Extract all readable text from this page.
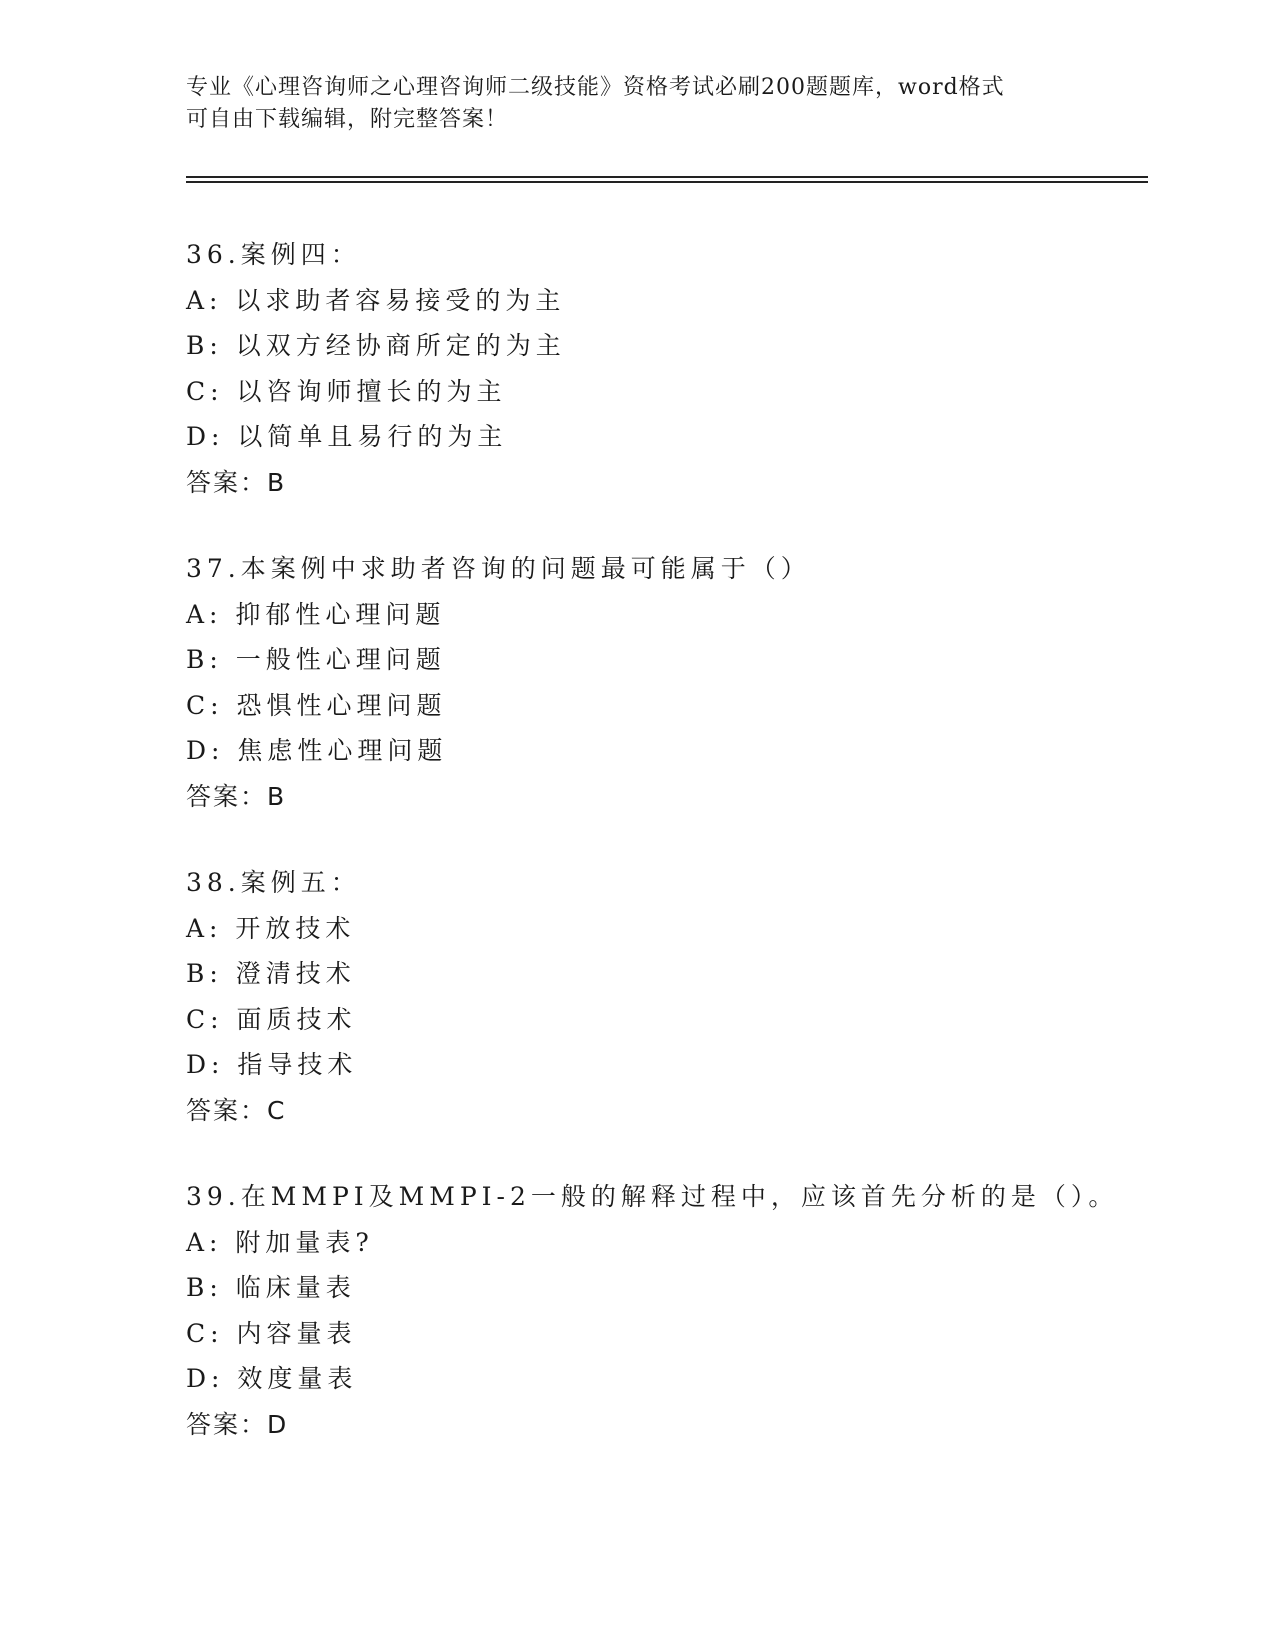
专业《心理咨询师之心理咨询师二级技能》资格考试必刷200题题库，word格式
可自由下载编辑，附完整答案！
36.案例四：
A: 以求助者容易接受的为主
B: 以双方经协商所定的为主
C: 以咨询师擅长的为主
D: 以简单且易行的为主
答案：B
37.本案例中求助者咨询的问题最可能属于（）
A: 抑郁性心理问题
B: 一般性心理问题
C: 恐惧性心理问题
D: 焦虑性心理问题
答案：B
38.案例五：
A: 开放技术
B: 澄清技术
C: 面质技术
D: 指导技术
答案：C
39.在MMPI及MMPI-2一般的解释过程中，应该首先分析的是（）。
A: 附加量表?
B: 临床量表
C: 内容量表
D: 效度量表
答案：D
